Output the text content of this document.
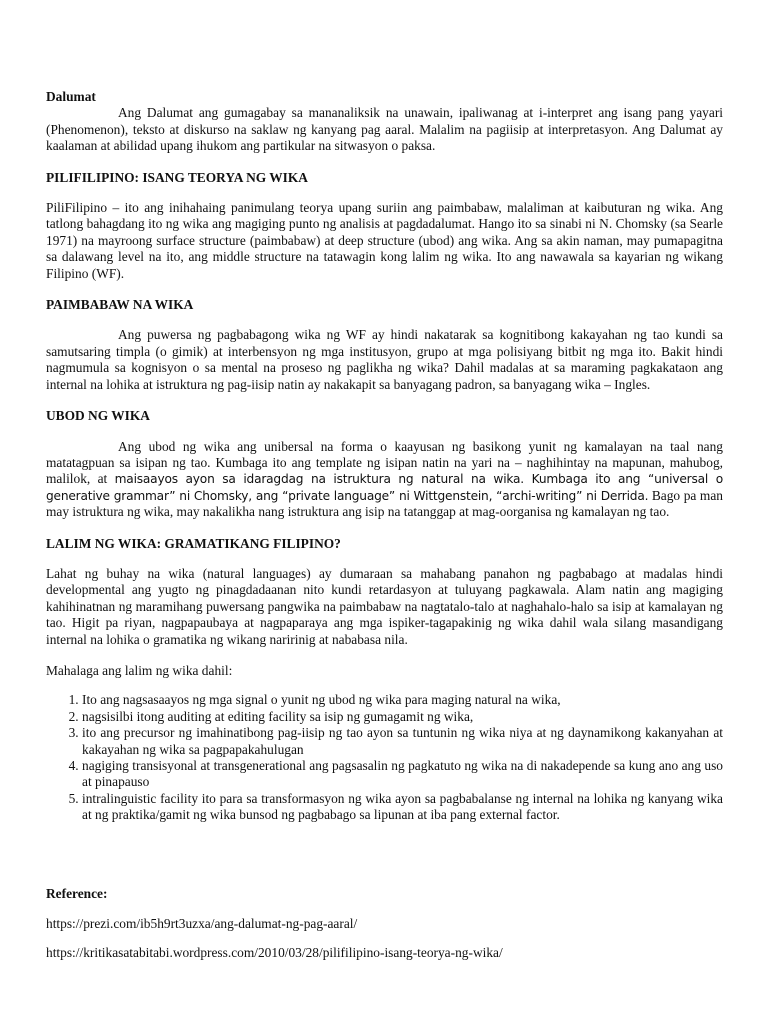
Dalumat

Ang Dalumat ang gumagabay sa mananaliksik na unawain, ipaliwanag at i-interpret ang isang pang yayari (Phenomenon), teksto at diskurso na saklaw ng kanyang pag aaral. Malalim na pagiisip at interpretasyon. Ang Dalumat ay kaalaman at abilidad upang ihukom ang partikular na sitwasyon o paksa.

PILIFILIPINO: ISANG TEORYA NG WIKA

PiliFilipino – ito ang inihahaing panimulang teorya upang suriin ang paimbabaw, malaliman at kaibuturan ng wika. Ang tatlong bahagdang ito ng wika ang magiging punto ng analisis at pagdadalumat. Hango ito sa sinabi ni N. Chomsky (sa Searle 1971) na mayroong surface structure (paimbabaw) at deep structure (ubod) ang wika. Ang sa akin naman, may pumapagitna sa dalawang level na ito, ang middle structure na tatawagin kong lalim ng wika. Ito ang nawawala sa kayarian ng wikang Filipino (WF).

PAIMBABAW NA WIKA

Ang puwersa ng pagbabagong wika ng WF ay hindi nakatarak sa kognitibong kakayahan ng tao kundi sa samutsaring timpla (o gimik) at interbensyon ng mga institusyon, grupo at mga polisiyang bitbit ng mga ito. Bakit hindi nagmumula sa kognisyon o sa mental na proseso ng paglikha ng wika? Dahil madalas at sa maraming pagkakataon ang internal na lohika at istruktura ng pag-iisip natin ay nakakapit sa banyagang padron, sa banyagang wika – Ingles.

UBOD NG WIKA

Ang ubod ng wika ang unibersal na forma o kaayusan ng basikong yunit ng kamalayan na taal nang matatagpuan sa isipan ng tao. Kumbaga ito ang template ng isipan natin na yari na – naghihintay na mapunan, mahubog, malilok, at maisaayos ayon sa idaragdag na istruktura ng natural na wika. Kumbaga ito ang “universal o generative grammar” ni Chomsky, ang “private language” ni Wittgenstein, “archi-writing” ni Derrida. Bago pa man may istruktura ng wika, may nakalikha nang istruktura ang isip na tatanggap at mag-oorganisa ng kamalayan ng tao.

LALIM NG WIKA: GRAMATIKANG FILIPINO?

Lahat ng buhay na wika (natural languages) ay dumaraan sa mahabang panahon ng pagbabago at madalas hindi developmental ang yugto ng pinagdadaanan nito kundi retardasyon at tuluyang pagkawala. Alam natin ang magiging kahihinatnan ng maramihang puwersang pangwika na paimbabaw na nagtatalo-talo at naghahalo-halo sa isip at kamalayan ng tao. Higit pa riyan, nagpapaubaya at nagpaparaya ang mga ispiker-tagapakinig ng wika dahil wala silang masandigang internal na lohika o gramatika ng wikang naririnig at nababasa nila.

Mahalaga ang lalim ng wika dahil:

1. Ito ang nagsasaayos ng mga signal o yunit ng ubod ng wika para maging natural na wika,
2. nagsisilbi itong auditing at editing facility sa isip ng gumagamit ng wika,
3. ito ang precursor ng imahinatibong pag-iisip ng tao ayon sa tuntunin ng wika niya at ng daynamikong kakanyahan at kakayahan ng wika sa pagpapakahulugan
4. nagiging transisyonal at transgenerational ang pagsasalin ng pagkatuto ng wika na di nakadepende sa kung ano ang uso at pinapauso
5. intralinguistic facility ito para sa transformasyon ng wika ayon sa pagbabalanse ng internal na lohika ng kanyang wika at ng praktika/gamit ng wika bunsod ng pagbabago sa lipunan at iba pang external factor.
Reference:

https://prezi.com/ib5h9rt3uzxa/ang-dalumat-ng-pag-aaral/

https://kritikasatabitabi.wordpress.com/2010/03/28/pilifilipino-isang-teorya-ng-wika/
